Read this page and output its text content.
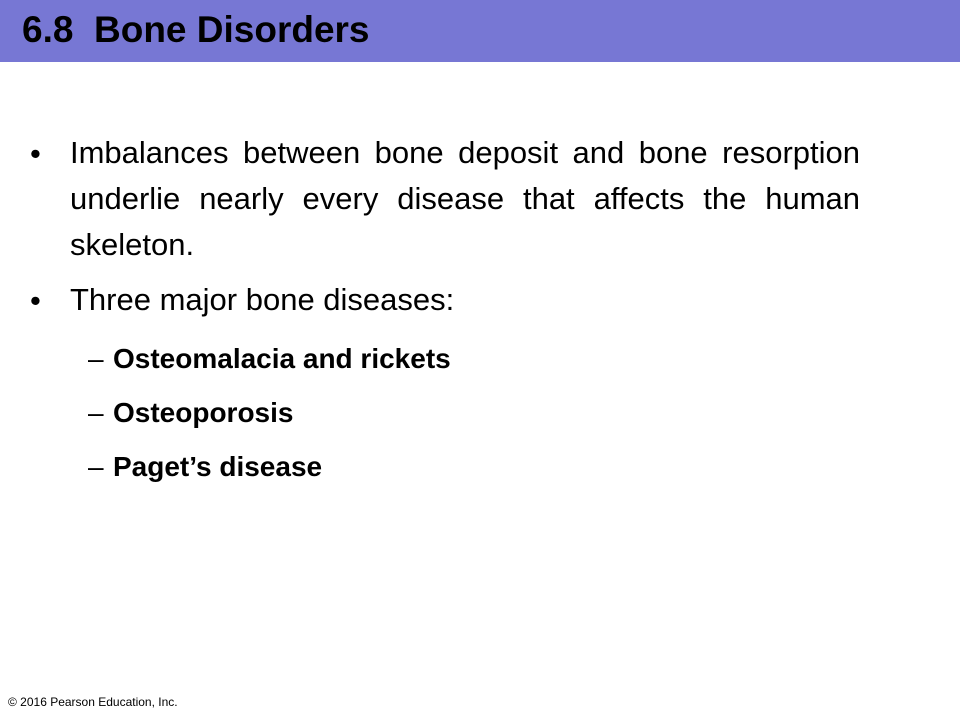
6.8  Bone Disorders
• Imbalances between bone deposit and bone resorption underlie nearly every disease that affects the human skeleton.
• Three major bone diseases:
– Osteomalacia and rickets
– Osteoporosis
– Paget’s disease
© 2016 Pearson Education, Inc.
